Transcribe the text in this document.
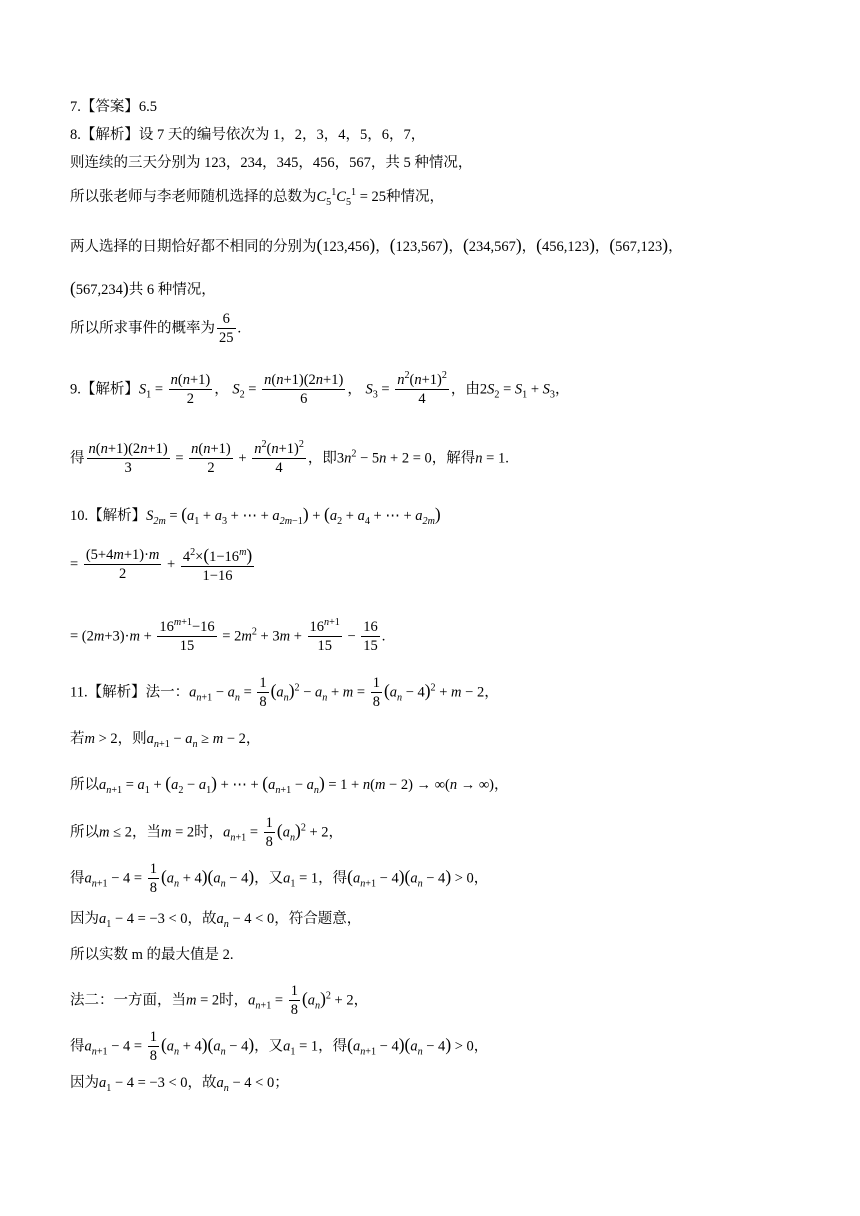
7.【答案】6.5
8.【解析】设 7 天的编号依次为 1，2，3，4，5，6，7，
则连续的三天分别为 123，234，345，456，567，共 5 种情况，
所以张老师与李老师随机选择的总数为$C_5^1C_5^1 = 25$种情况，
两人选择的日期恰好都不相同的分别为(123,456)，(123,567)，(234,567)，(456,123)，(567,123)，
(567,234)共 6 种情况，
所以所求事件的概率为 $\frac{6}{25}$ .
9.【解析】$S_1 = \frac{n(n+1)}{2}$ ， $S_2 = \frac{n(n+1)(2n+1)}{6}$ ， $S_3 = \frac{n^2(n+1)^2}{4}$ ，由$2S_2 = S_1 + S_3$，
得 $\frac{n(n+1)(2n+1)}{3} = \frac{n(n+1)}{2} + \frac{n^2(n+1)^2}{4}$ ，即$3n^2 - 5n + 2 = 0$，解得n = 1.
10.【解析】$S_{2m} = (a_1 + a_3$ + ⋯ + $a_{2m-1}) + (a_2 + a_4$ + ⋯ + $a_{2m}$)
= $\frac{(5+4m+1)\cdot m}{2} + \frac{4^2\times(1-16^m)}{1-16}$
= $(2m+3)\cdot m + \frac{16^{m+1}-16}{15} = 2m^2 + 3m + \frac{16^{n+1}}{15} - \frac{16}{15}$ .
11.【解析】法一：$a_{n+1} - a_n = \frac{1}{8} (a_n)^2 - a_n + m = \frac{1}{8} (a_n - 4)^2 + m - 2$，
若m > 2，则$a_{n+1} - a_n \ge m - 2$，
所以$a_{n+1} = a_1 + (a_2 - a_1)$ + ⋯ + $(a_{n+1} - a_n) = 1 + n(m - 2) \to \infty(n$ → ∞)，
所以m ≤ 2，当m = 2时，$a_{n+1} = \frac{1}{8} (a_n)^2 + 2$，
得$a_{n+1} - 4 = \frac{1}{8} (a_n + 4)(a_n - 4)$，又$a_1 = 1$，得$(a_{n+1} - 4)(a_n - 4) > 0$，
因为$a_1 - 4 = -3 < 0$，故$a_n - 4 < 0$，符合题意，
所以实数 m 的最大值是 2.
法二：一方面，当m = 2时，$a_{n+1} = \frac{1}{8} (a_n)^2 + 2$，
得$a_{n+1} - 4 = \frac{1}{8} (a_n + 4)(a_n - 4)$，又$a_1 = 1$，得$(a_{n+1} - 4)(a_n - 4) > 0$，
因为$a_1 - 4 = -3 < 0$，故$a_n - 4 < 0$；
